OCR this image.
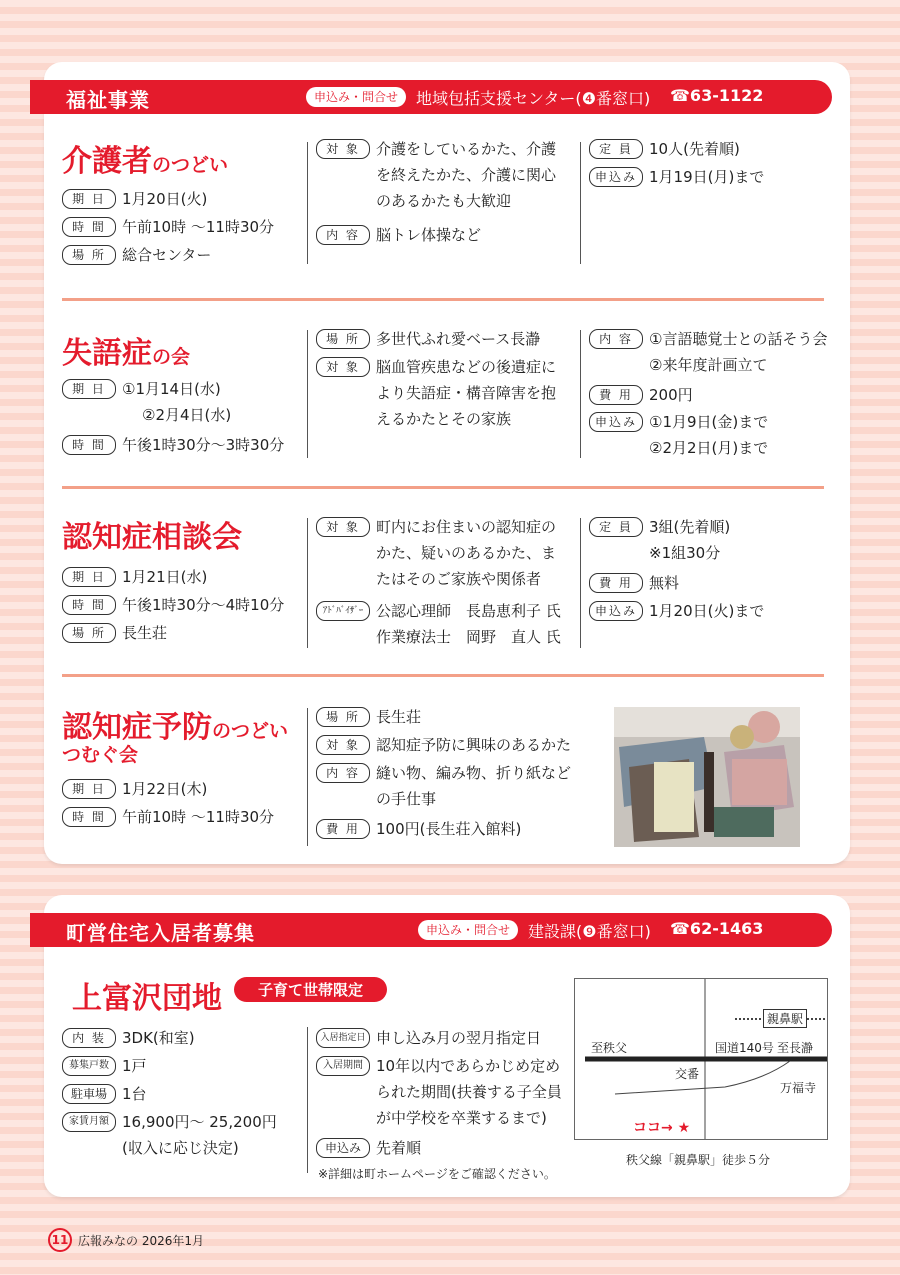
福祉事業	申込み・問合せ	地域包括支援センター(❹番窓口) ☎63-1122
介護者のつどい
期 日	1月20日(火)
時 間	午前10時 ～11時30分
場 所	総合センター
対 象	介護をしているかた、介護
を終えたかた、介護に関心
のあるかたも大歓迎
内 容	脳トレ体操など
定 員	10人(先着順)
申込み 1月19日(月)まで
失語症の会
期 日	①1月14日(水)
②2月4日(水)
時 間	午後1時30分～3時30分
場 所	多世代ふれ愛ベース長瀞
対 象	脳血管疾患などの後遺症に
より失語症・構音障害を抱
えるかたとその家族
内 容	①言語聴覚士との話そう会
②来年度計画立て
費 用	200円
申込み ①1月9日(金)まで
②2月2日(月)まで
認知症相談会
期 日	1月21日(水)
時 間	午後1時30分～4時10分
場 所	長生荘
対 象	町内にお住まいの認知症の
かた、疑いのあるかた、ま
たはそのご家族や関係者
ｱﾄﾞﾊﾞｲｻﾞｰ 公認心理師　長島恵利子 氏
作業療法士　岡野　直人 氏
定 員	3組(先着順)
※1組30分
費 用	無料
申込み 1月20日(火)まで
認知症予防のつどい
つむぐ会
期 日	1月22日(木)
時 間	午前10時 ～11時30分
場 所	長生荘
対 象	認知症予防に興味のあるかた
内 容	縫い物、編み物、折り紙など
の手仕事
費 用	100円(長生荘入館料)
町営住宅入居者募集	申込み・問合せ	建設課(❾番窓口) ☎62-1463
上富沢団地	子育て世帯限定
内 装	3DK(和室)
募集戸数 1戸
駐車場	1台
家賃月額 16,900円～ 25,200円
(収入に応じ決定)
入居指定日 申し込み月の翌月指定日
入居期間 10年以内であらかじめ定め
られた期間(扶養する子全員
が中学校を卒業するまで)
申込み	先着順
※詳細は町ホームページをご確認ください。
親鼻駅
至秩父	国道140号 至長瀞
交番
万福寺
ココ→ ★
秩父線「親鼻駅」徒歩５分
11 広報みなの 2026年1月
